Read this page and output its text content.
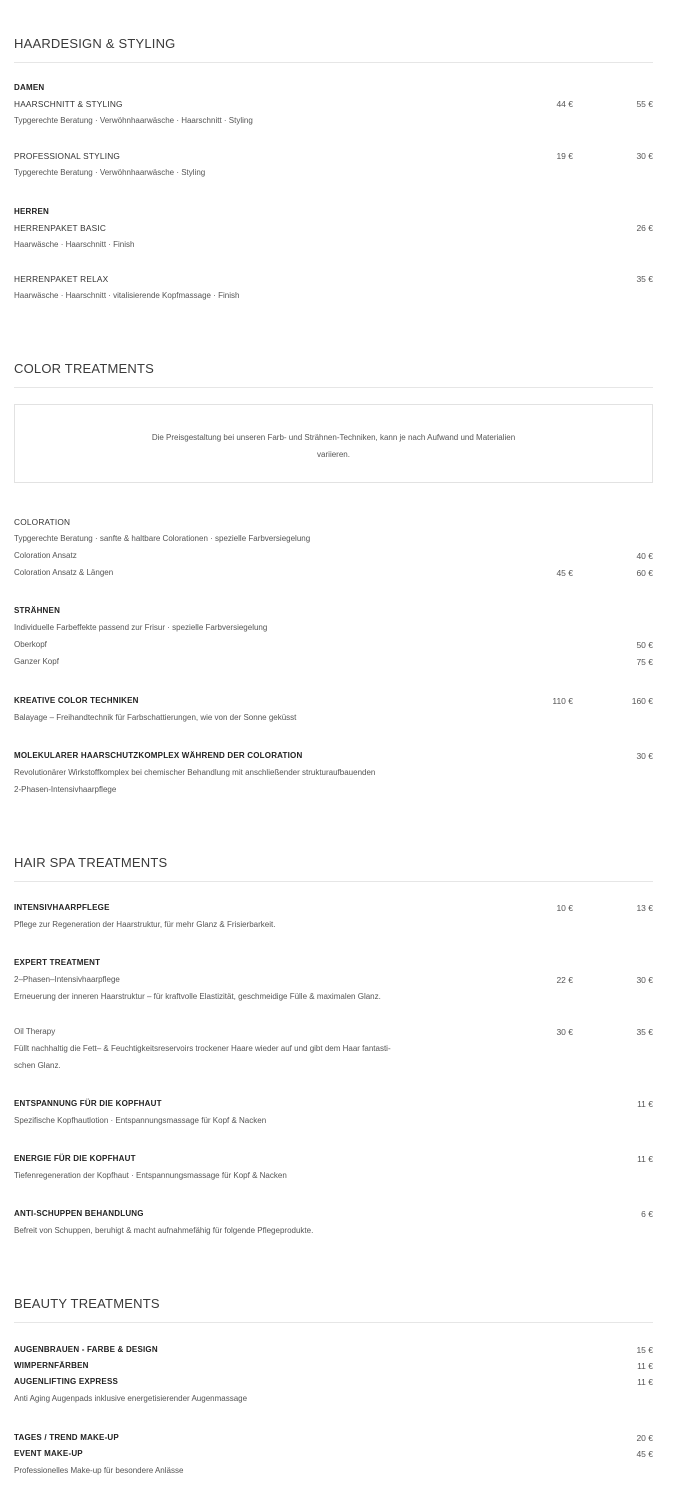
HAARDESIGN & STYLING
DAMEN
HAARSCHNITT & STYLING	44 €	55 €
Typgerechte Beratung · Verwöhnhaarwäsche · Haarschnitt · Styling
PROFESSIONAL STYLING	19 €	30 €
Typgerechte Beratung · Verwöhnhaarwäsche · Styling
HERREN
HERRENPAKET BASIC	26 €
Haarwäsche · Haarschnitt · Finish
HERRENPAKET RELAX	35 €
Haarwäsche · Haarschnitt · vitalisierende Kopfmassage · Finish
COLOR TREATMENTS
Die Preisgestaltung bei unseren Farb- und Strähnen-Techniken, kann je nach Aufwand und Materialien variieren.
COLORATION
Typgerechte Beratung · sanfte & haltbare Colorationen · spezielle Farbversiegelung
Coloration Ansatz	40 €
Coloration Ansatz & Längen	45 €	60 €
STRÄHNEN
Individuelle Farbeffekte passend zur Frisur · spezielle Farbversiegelung
Oberkopf	50 €
Ganzer Kopf	75 €
KREATIVE COLOR TECHNIKEN	110 €	160 €
Balayage – Freihandtechnik für Farbschattierungen, wie von der Sonne geküsst
MOLEKULARER HAARSCHUTZKOMPLEX WÄHREND DER COLORATION	30 €
Revolutionärer Wirkstoffkomplex bei chemischer Behandlung mit anschließender strukturaufbauenden
2-Phasen-Intensivhaarpflege
HAIR SPA TREATMENTS
INTENSIVHAARPFLEGE	10 €	13 €
Pflege zur Regeneration der Haarstruktur, für mehr Glanz & Frisierbarkeit.
EXPERT TREATMENT
2–Phasen–Intensivhaarpflege	22 €	30 €
Erneuerung der inneren Haarstruktur – für kraftvolle Elastizität, geschmeidige Fülle & maximalen Glanz.
Oil Therapy	30 €	35 €
Füllt nachhaltig die Fett– & Feuchtigkeitsreservoirs trockener Haare wieder auf und gibt dem Haar fantasti-
schen Glanz.
ENTSPANNUNG FÜR DIE KOPFHAUT	11 €
Spezifische Kopfhautlotion · Entspannungsmassage für Kopf & Nacken
ENERGIE FÜR DIE KOPFHAUT	11 €
Tiefenregeneration der Kopfhaut · Entspannungsmassage für Kopf & Nacken
ANTI-SCHUPPEN BEHANDLUNG	6 €
Befreit von Schuppen, beruhigt & macht aufnahmefähig für folgende Pflegeprodukte.
BEAUTY TREATMENTS
AUGENBRAUEN - FARBE & DESIGN	15 €
WIMPERNFÄRBEN	11 €
AUGENLIFTING EXPRESS	11 €
Anti Aging Augenpads inklusive energetisierender Augenmassage
TAGES / TREND MAKE-UP	20 €
EVENT MAKE-UP	45 €
Professionelles Make-up für besondere Anlässe
